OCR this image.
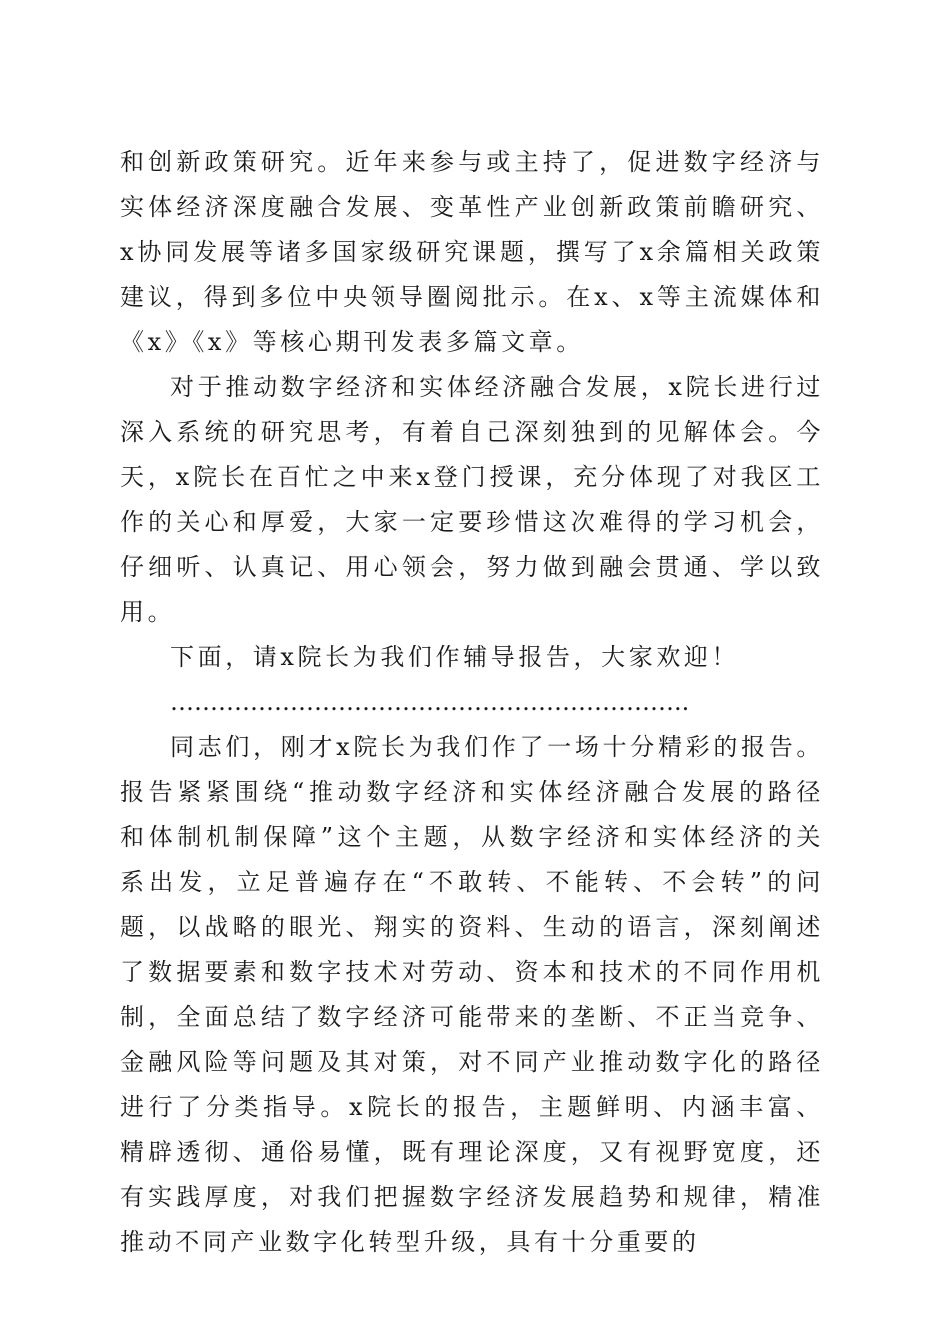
和创新政策研究。近年来参与或主持了，促进数字经济与实体经济深度融合发展、变革性产业创新政策前瞻研究、x协同发展等诸多国家级研究课题，撰写了x余篇相关政策建议，得到多位中央领导圈阅批示。在x、x等主流媒体和《x》《x》等核心期刊发表多篇文章。

对于推动数字经济和实体经济融合发展，x院长进行过深入系统的研究思考，有着自己深刻独到的见解体会。今天，x院长在百忙之中来x登门授课，充分体现了对我区工作的关心和厚爱，大家一定要珍惜这次难得的学习机会，仔细听、认真记、用心领会，努力做到融会贯通、学以致用。

下面，请x院长为我们作辅导报告，大家欢迎！

………………………………………………………..

同志们，刚才x院长为我们作了一场十分精彩的报告。报告紧紧围绕“推动数字经济和实体经济融合发展的路径和体制机制保障”这个主题，从数字经济和实体经济的关系出发，立足普遍存在“不敢转、不能转、不会转”的问题，以战略的眼光、翔实的资料、生动的语言，深刻阐述了数据要素和数字技术对劳动、资本和技术的不同作用机制，全面总结了数字经济可能带来的垄断、不正当竞争、金融风险等问题及其对策，对不同产业推动数字化的路径进行了分类指导。x院长的报告，主题鲜明、内涵丰富、精辟透彻、通俗易懂，既有理论深度，又有视野宽度，还有实践厚度，对我们把握数字经济发展趋势和规律，精准推动不同产业数字化转型升级，具有十分重要的
